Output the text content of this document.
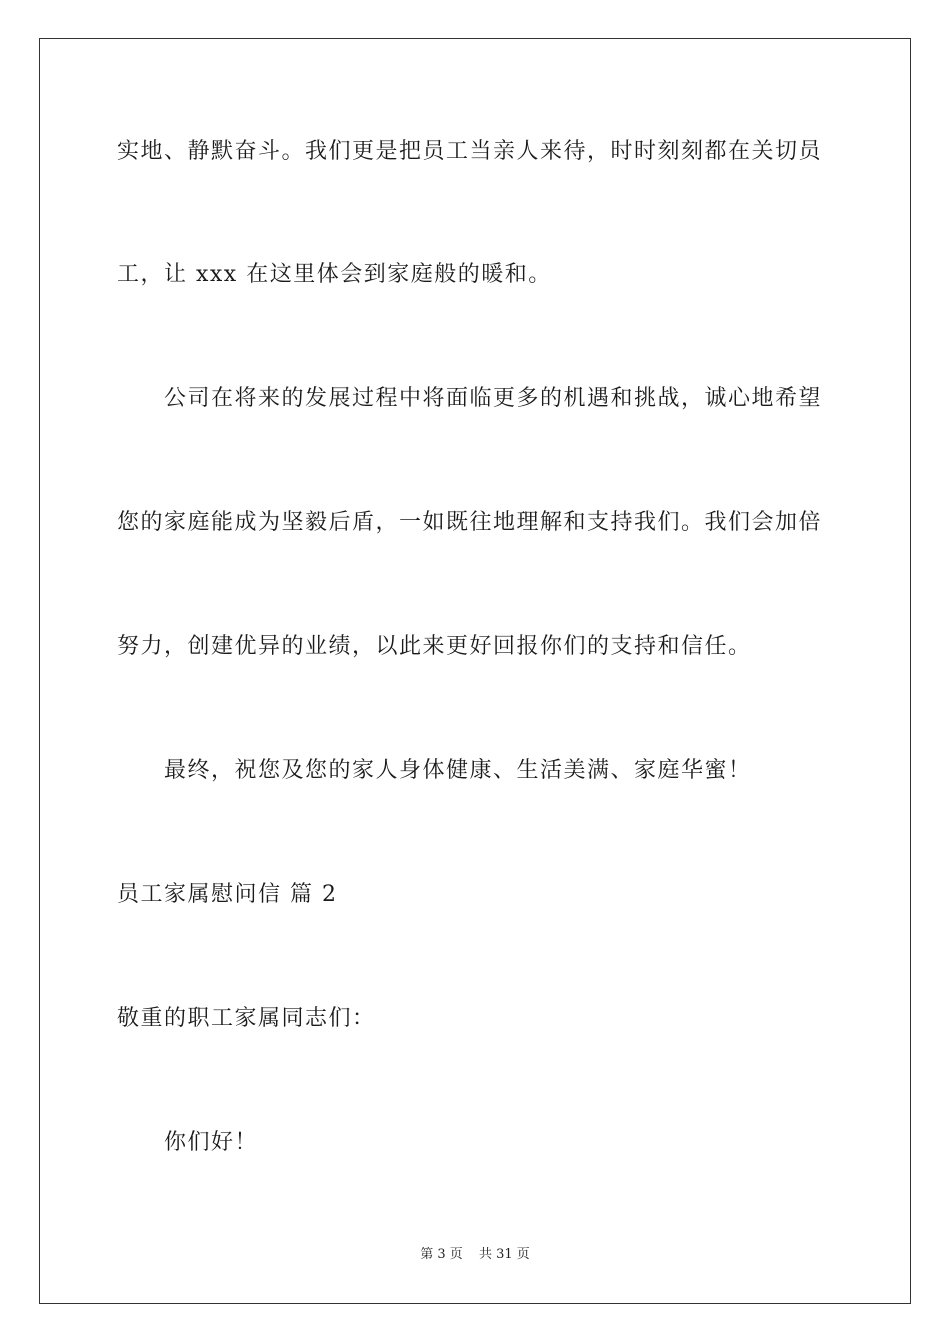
实地、静默奋斗。我们更是把员工当亲人来待，时时刻刻都在关切员
工，让 xxx 在这里体会到家庭般的暖和。
公司在将来的发展过程中将面临更多的机遇和挑战，诚心地希望
您的家庭能成为坚毅后盾，一如既往地理解和支持我们。我们会加倍
努力，创建优异的业绩，以此来更好回报你们的支持和信任。
最终，祝您及您的家人身体健康、生活美满、家庭华蜜！
员工家属慰问信 篇 2
敬重的职工家属同志们：
你们好！
第 3 页 共 31 页
